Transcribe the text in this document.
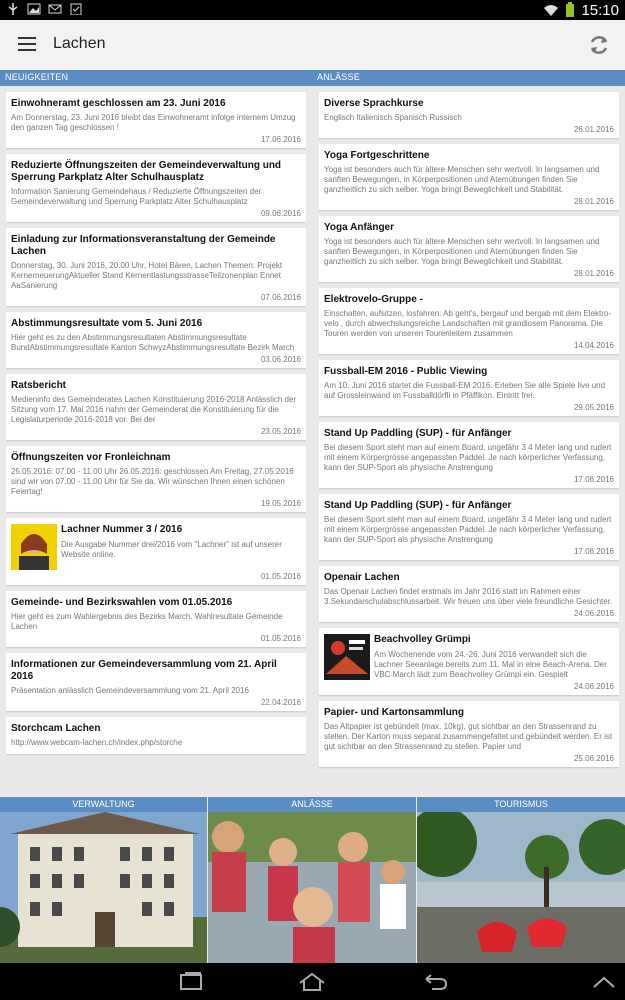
15:10
Lachen
NEUIGKEITEN	ANLÄSSE
Einwohneramt geschlossen am 23. Juni 2016
Am Donnerstag, 23. Juni 2016 bleibt das Einwohneramt infolge internem Umzug den ganzen Tag geschlossen !
17.06.2016
Reduzierte Öffnungszeiten der Gemeindeverwaltung und Sperrung Parkplatz Alter Schulhausplatz
Information Sanierung Gemeindehaus / Reduzierte Öffnungszeiten der Gemeindeverwaltung und Sperrung Parkplatz Alter Schulhausplatz
09.06.2016
Einladung zur Informationsveranstaltung der Gemeinde Lachen
Donnerstag, 30. Juni 2016, 20.00 Uhr, Hotel Bären, Lachen Themen: Projekt KernerneuerungAktueller Stand KernentlastungsstrasseTeilzonenplan Ennet AaSanierung
07.06.2016
Abstimmungsresultate vom 5. Juni 2016
Hier geht es zu den Abstimmungsresultaten Abstimmungsresultate BundAbstimmungsresultate Kanton SchwyzAbstimmungsresultate Bezirk March
03.06.2016
Ratsbericht
Medieninfo des Gemeinderates Lachen Konstituierung 2016-2018 Anlässlich der Sitzung vom 17. Mai 2016 nahm der Gemeinderat die Konstituierung für die Legislaturperiode 2016-2018 vor. Bei der
23.05.2016
Öffnungszeiten vor Fronleichnam
25.05.2016: 07.00 - 11.00 Uhr 26.05.2016: geschlossen Am Freitag, 27.05.2016 sind wir von 07.00 - 11.00 Uhr für Sie da. Wir wünschen Ihnen einen schönen Feiertag!
19.05.2016
Lachner Nummer 3 / 2016
Die Ausgabe Nummer drei/2016 vom "Lachner" ist auf unserer Website online.
01.05.2016
Gemeinde- und Bezirkswahlen vom 01.05.2016
Hier geht es zum Wahlergebnis des Bezirks March. Wahlresultate Gemeinde Lachen
01.05.2016
Informationen zur Gemeindeversammlung vom 21. April 2016
Präsentation anlässlich Gemeindeversammlung vom 21. April 2016
22.04.2016
Storchcam Lachen
http://www.webcam-lachen.ch/index.php/storche
Diverse Sprachkurse
Englisch Italienisch Spanisch Russisch
26.01.2016
Yoga Fortgeschrittene
Yoga ist besonders auch für ältere Menschen sehr wertvoll. In langsamen und sanften Bewegungen, in Körperpositionen und Atemübungen finden Sie ganzheitlich zu sich selber. Yoga bringt Beweglichkeit und Stabilität.
28.01.2016
Yoga Anfänger
Yoga ist besonders auch für ältere Menschen sehr wertvoll. In langsamen und sanften Bewegungen, in Körperpositionen und Atemübungen finden Sie ganzheitlich zu sich selber. Yoga bringt Beweglichkeit und Stabilität.
28.01.2016
Elektrovelo-Gruppe -
Einschalten, aufsitzen, losfahren: Ab geht's, bergauf und bergab mit dem Elektro-velo , durch abwechslungsreiche Landschaften mit grandiosem Panorama. Die Touren werden von unseren Tourenleitern zusammen
14.04.2016
Fussball-EM 2016 - Public Viewing
Am 10. Juni 2016 startet die Fussball-EM 2016. Erleben Sie alle Spiele live und auf Grossleinwand im Fussballdörfli in Pfäffikon. Eintritt frei.
29.05.2016
Stand Up Paddling (SUP) - für Anfänger
Bei diesem Sport steht man auf einem Board, ungefähr 3 4 Meter lang und rudert mit einem Körpergrösse angepassten Paddel. Je nach körperlicher Verfassung, kann der SUP-Sport als physische Anstrengung
17.06.2016
Stand Up Paddling (SUP) - für Anfänger
Bei diesem Sport steht man auf einem Board, ungefähr 3 4 Meter lang und rudert mit einem Körpergrösse angepassten Paddel. Je nach körperlicher Verfassung, kann der SUP-Sport als physische Anstrengung
17.06.2016
Openair Lachen
Das Openair Lachen findet erstmals im Jahr 2016 statt im Rahmen einer 3.Sekundarschulabschlussarbeit. Wir freuen uns über viele freundliche Gesichter.
24.06.2016
Beachvolley Grümpi
Am Wochenende vom 24.-26. Juni 2016 verwandelt sich die Lachner Seeanlage bereits zum 11. Mal in eine Beach-Arena. Der VBC March lädt zum Beachvolley Grümpi ein. Gespielt
24.06.2016
Papier- und Kartonsammlung
Das Altpapier ist gebündelt (max. 10kg), gut sichtbar an den Strassenrand zu stellen. Der Karton muss separat zusammengefaltet und gebündelt werden. Er ist gut sichtbar an den Strassenrand zu stellen. Papier und
25.06.2016
VERWALTUNG	ANLÄSSE	TOURISMUS
